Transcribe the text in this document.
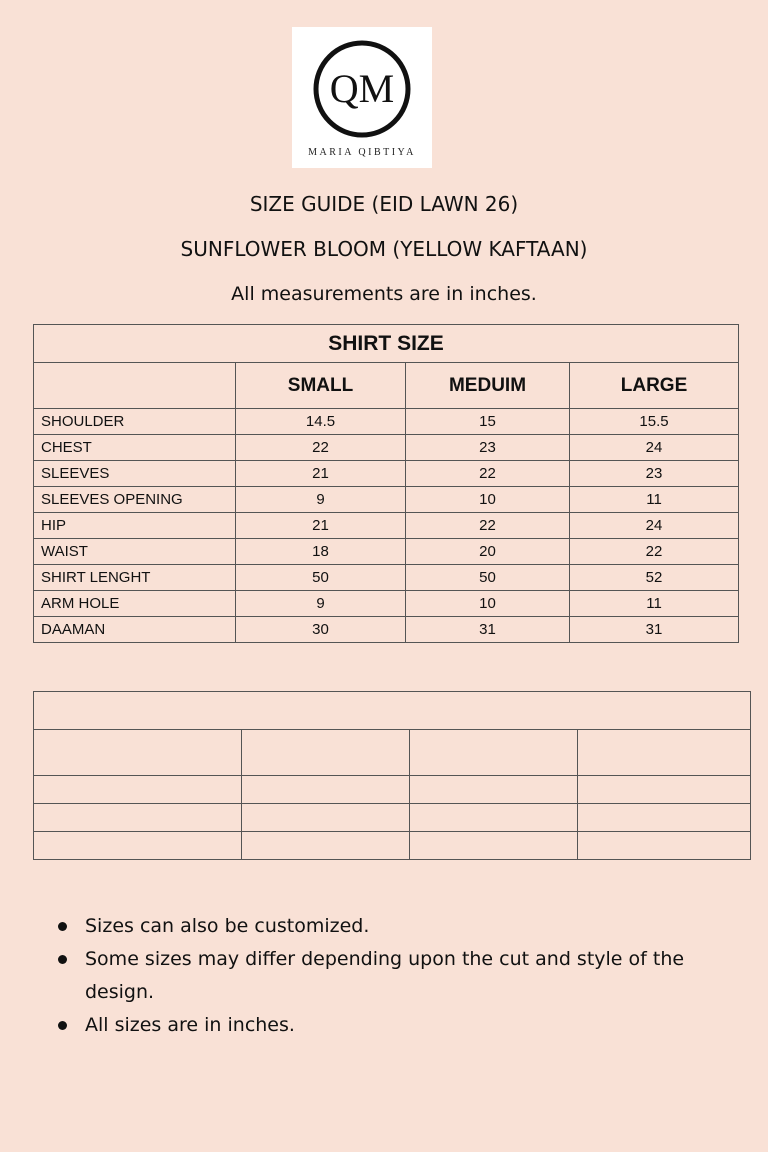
QM
MARIA QIBTIYA
SIZE GUIDE (EID LAWN 26)
SUNFLOWER BLOOM (YELLOW KAFTAAN)
All measurements are in inches.
SHIRT SIZE			
	SMALL	MEDUIM	LARGE
SHOULDER	14.5	15	15.5
CHEST	22	23	24
SLEEVES	21	22	23
SLEEVES OPENING	9	10	11
HIP	21	22	24
WAIST	18	20	22
SHIRT LENGHT	50	50	52
ARM HOLE	9	10	11
DAAMAN	30	31	31

Sizes can also be customized.
Some sizes may differ depending upon the cut and style of the design.
All sizes are in inches.
